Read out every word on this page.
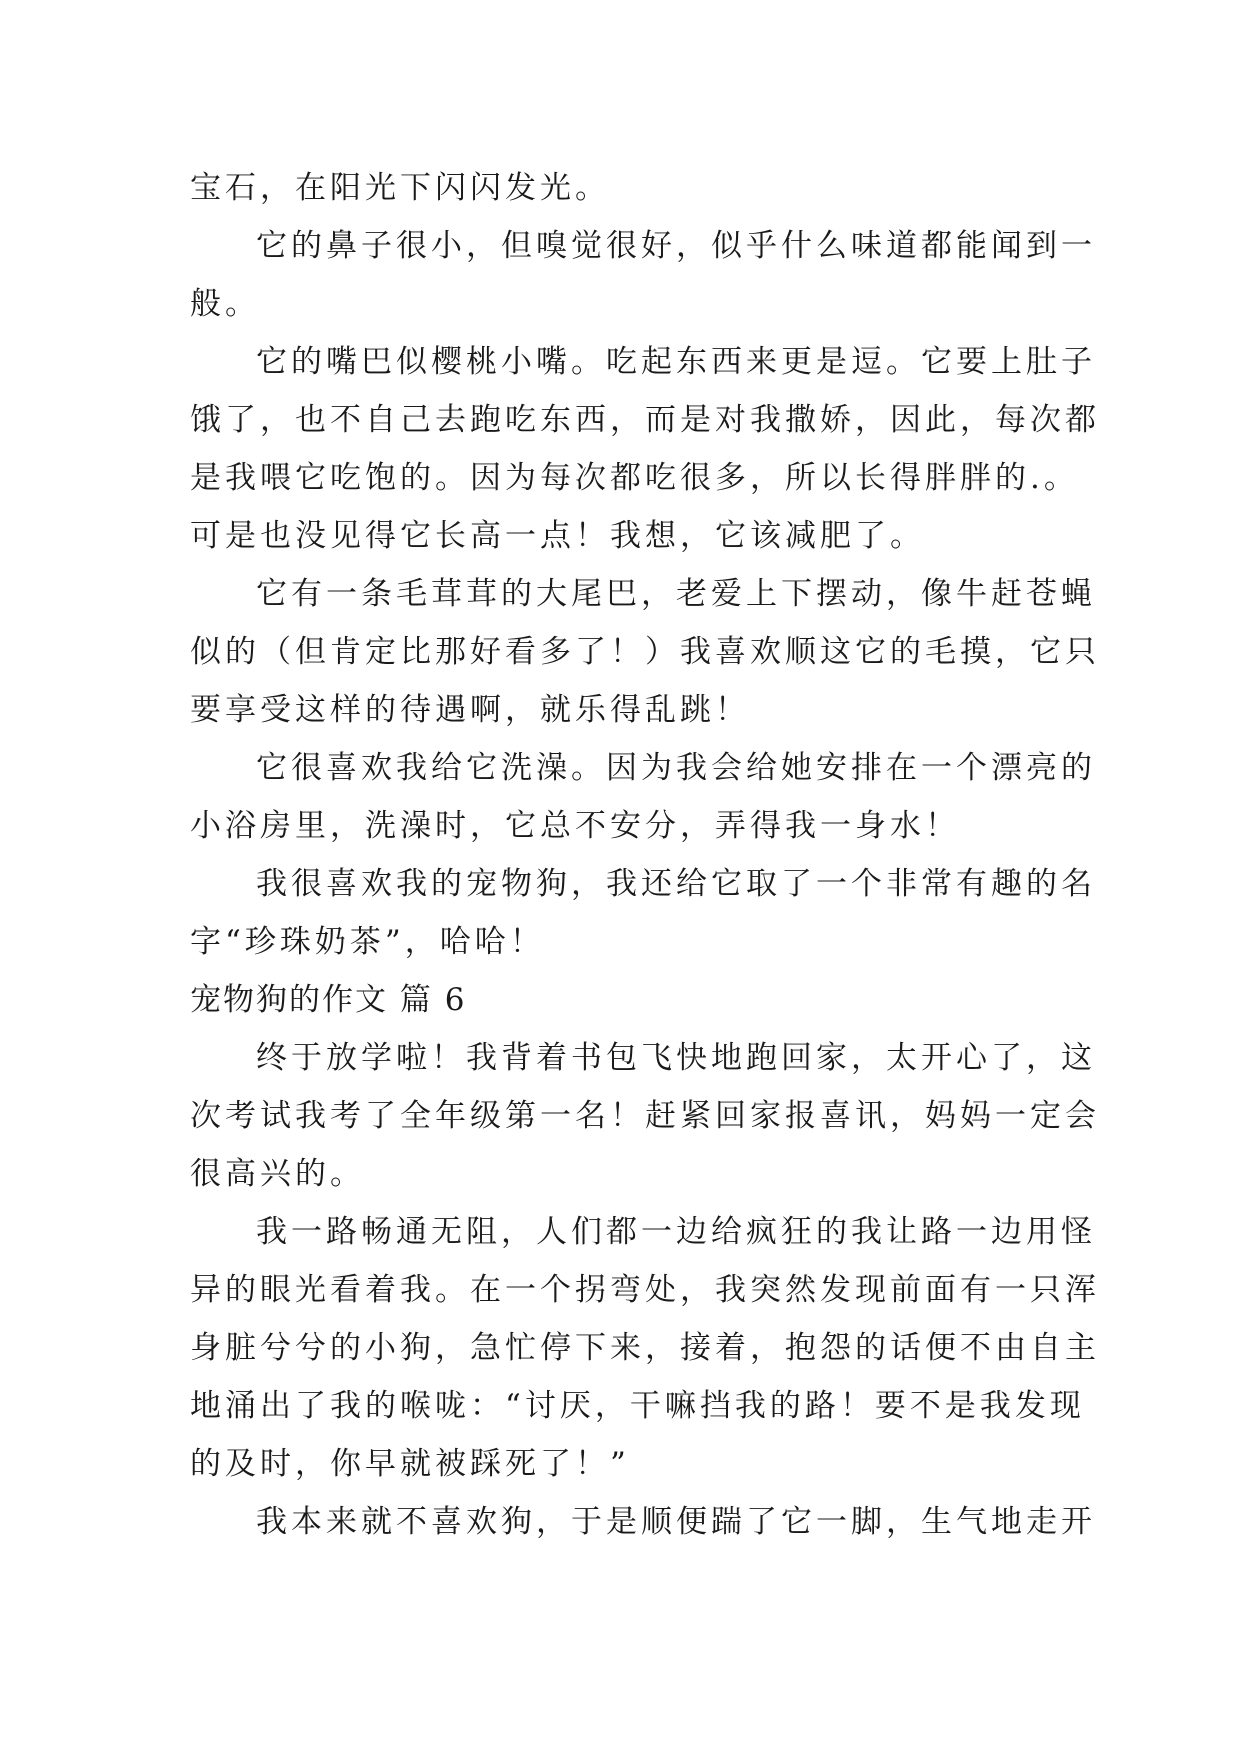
宝石，在阳光下闪闪发光。
它的鼻子很小，但嗅觉很好，似乎什么味道都能闻到一
般。
它的嘴巴似樱桃小嘴。吃起东西来更是逗。它要上肚子
饿了，也不自己去跑吃东西，而是对我撒娇，因此，每次都
是我喂它吃饱的。因为每次都吃很多，所以长得胖胖的.。
可是也没见得它长高一点！我想，它该减肥了。
它有一条毛茸茸的大尾巴，老爱上下摆动，像牛赶苍蝇
似的（但肯定比那好看多了！）我喜欢顺这它的毛摸，它只
要享受这样的待遇啊，就乐得乱跳！
它很喜欢我给它洗澡。因为我会给她安排在一个漂亮的
小浴房里，洗澡时，它总不安分，弄得我一身水！
我很喜欢我的宠物狗，我还给它取了一个非常有趣的名
字“珍珠奶茶”，哈哈！
宠物狗的作文 篇 6
终于放学啦！我背着书包飞快地跑回家，太开心了，这
次考试我考了全年级第一名！赶紧回家报喜讯，妈妈一定会
很高兴的。
我一路畅通无阻，人们都一边给疯狂的我让路一边用怪
异的眼光看着我。在一个拐弯处，我突然发现前面有一只浑
身脏兮兮的小狗，急忙停下来，接着，抱怨的话便不由自主
地涌出了我的喉咙：“讨厌，干嘛挡我的路！要不是我发现
的及时，你早就被踩死了！”
我本来就不喜欢狗，于是顺便踹了它一脚，生气地走开
